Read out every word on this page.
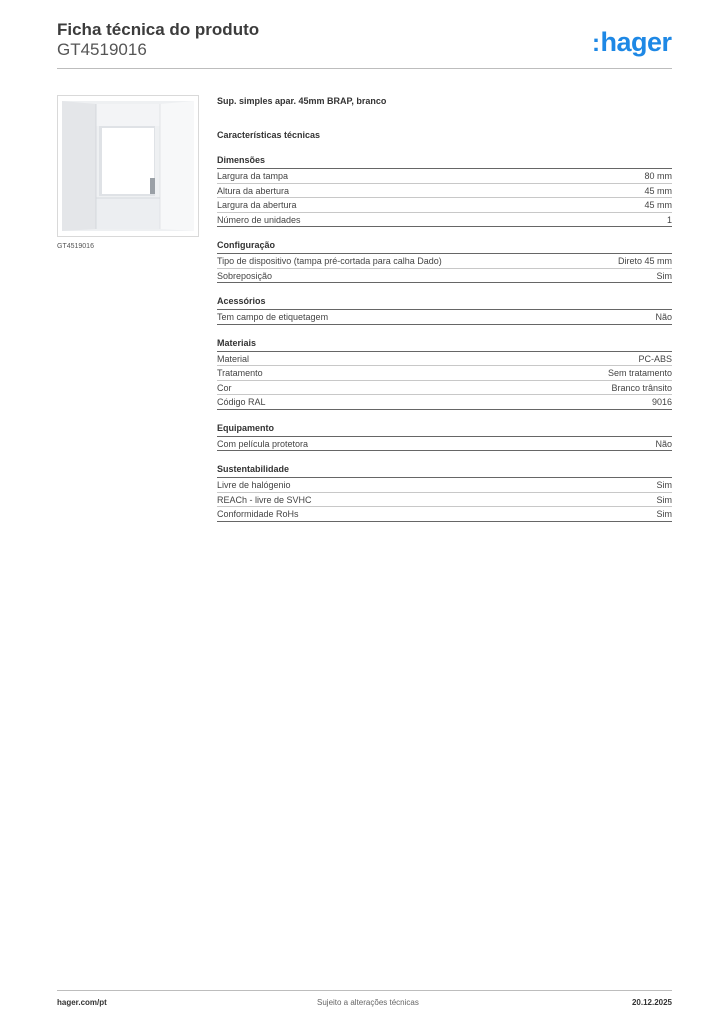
Ficha técnica do produto
GT4519016	:hager
GT4519016
Sup. simples apar. 45mm BRAP, branco
Características técnicas
Dimensões
Largura da tampa	80 mm
Altura da abertura	45 mm
Largura da abertura	45 mm
Número de unidades	1
Configuração
Tipo de dispositivo (tampa pré-cortada para calha Dado)	Direto 45 mm
Sobreposição	Sim
Acessórios
Tem campo de etiquetagem	Não
Materiais
Material	PC-ABS
Tratamento	Sem tratamento
Cor	Branco trânsito
Código RAL	9016
Equipamento
Com película protetora	Não
Sustentabilidade
Livre de halógenio	Sim
REACh - livre de SVHC	Sim
Conformidade RoHs	Sim
hager.com/pt	Sujeito a alterações técnicas	20.12.2025
